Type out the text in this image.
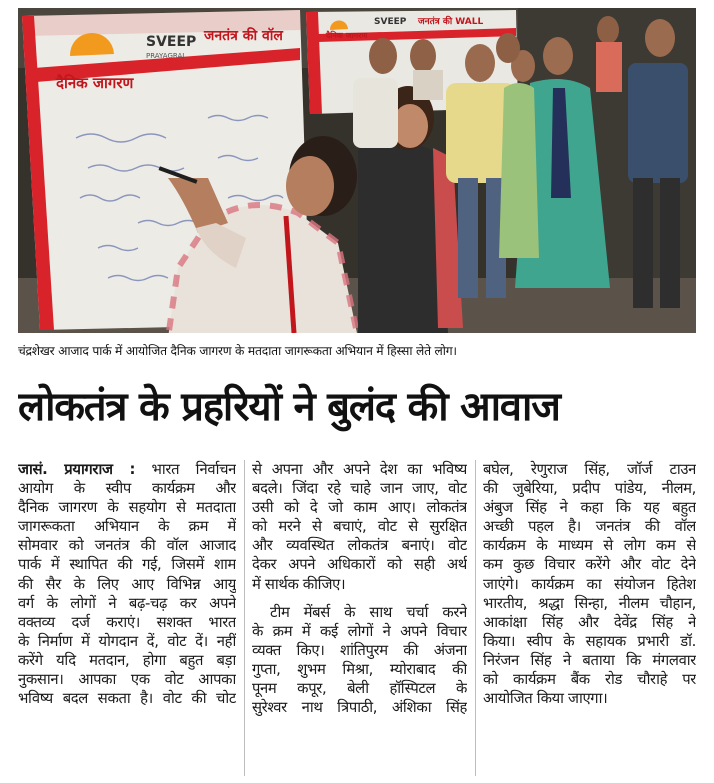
दैनिक जागरण
SVEEP
PRAYAGRAJ
जनतंत्र की वॉल	दैनिक जागरण
SVEEP जनतंत्र की WALL
चंद्रशेखर आजाद पार्क में आयोजित दैनिक जागरण के मतदाता जागरूकता अभियान में हिस्सा लेते लोग।
लोकतंत्र के प्रहरियों ने बुलंद की आवाज
जासं. प्रयागराज : भारत निर्वाचन
आयोग के स्वीप कार्यक्रम और
दैनिक जागरण के सहयोग से मतदाता
जागरूकता अभियान के क्रम में
सोमवार को जनतंत्र की वॉल आजाद
पार्क में स्थापित की गई, जिसमें शाम
की सैर के लिए आए विभिन्न आयु
वर्ग के लोगों ने बढ़-चढ़ कर अपने
वक्तव्य दर्ज कराएं। सशक्त भारत
के निर्माण में योगदान दें, वोट दें। नहीं
करेंगे यदि मतदान, होगा बहुत बड़ा
नुकसान। आपका एक वोट आपका
भविष्य बदल सकता है। वोट की चोट
से अपना और अपने देश का भविष्य
बदले। जिंदा रहे चाहे जान जाए, वोट
उसी को दे जो काम आए। लोकतंत्र
को मरने से बचाएं, वोट से सुरक्षित
और व्यवस्थित लोकतंत्र बनाएं। वोट
देकर अपने अधिकारों को सही अर्थ
में सार्थक कीजिए।
टीम मेंबर्स के साथ चर्चा करने
के क्रम में कई लोगों ने अपने विचार
व्यक्त किए। शांतिपुरम की अंजना
गुप्ता, शुभम मिश्रा, म्योराबाद की
पूनम कपूर, बेली हॉस्पिटल के
सुरेश्वर नाथ त्रिपाठी, अंशिका सिंह
बघेल, रेणुराज सिंह, जॉर्ज टाउन
की जुबेरिया, प्रदीप पांडेय, नीलम,
अंबुज सिंह ने कहा कि यह बहुत
अच्छी पहल है। जनतंत्र की वॉल
कार्यक्रम के माध्यम से लोग कम से
कम कुछ विचार करेंगे और वोट देने
जाएंगे। कार्यक्रम का संयोजन हितेश
भारतीय, श्रद्धा सिन्हा, नीलम चौहान,
आकांक्षा सिंह और देवेंद्र सिंह ने
किया। स्वीप के सहायक प्रभारी डॉ.
निरंजन सिंह ने बताया कि मंगलवार
को कार्यक्रम बैंक रोड चौराहे पर
आयोजित किया जाएगा।
